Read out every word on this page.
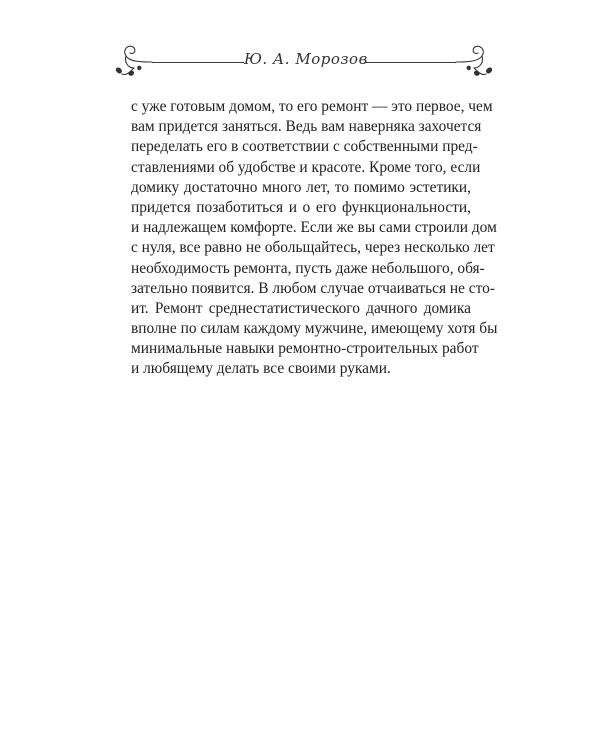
Ю. А. Морозов
с уже готовым домом, то его ремонт — это первое, чем
вам придется заняться. Ведь вам наверняка захочется
переделать его в соответствии с собственными пред-
ставлениями об удобстве и красоте. Кроме того, если
домику достаточно много лет, то помимо эстетики,
придется позаботиться и о его функциональности,
и надлежащем комфорте. Если же вы сами строили дом
с нуля, все равно не обольщайтесь, через несколько лет
необходимость ремонта, пусть даже небольшого, обя-
зательно появится. В любом случае отчаиваться не сто-
ит. Ремонт среднестатистического дачного домика
вполне по силам каждому мужчине, имеющему хотя бы
минимальные навыки ремонтно-строительных работ
и любящему делать все своими руками.
